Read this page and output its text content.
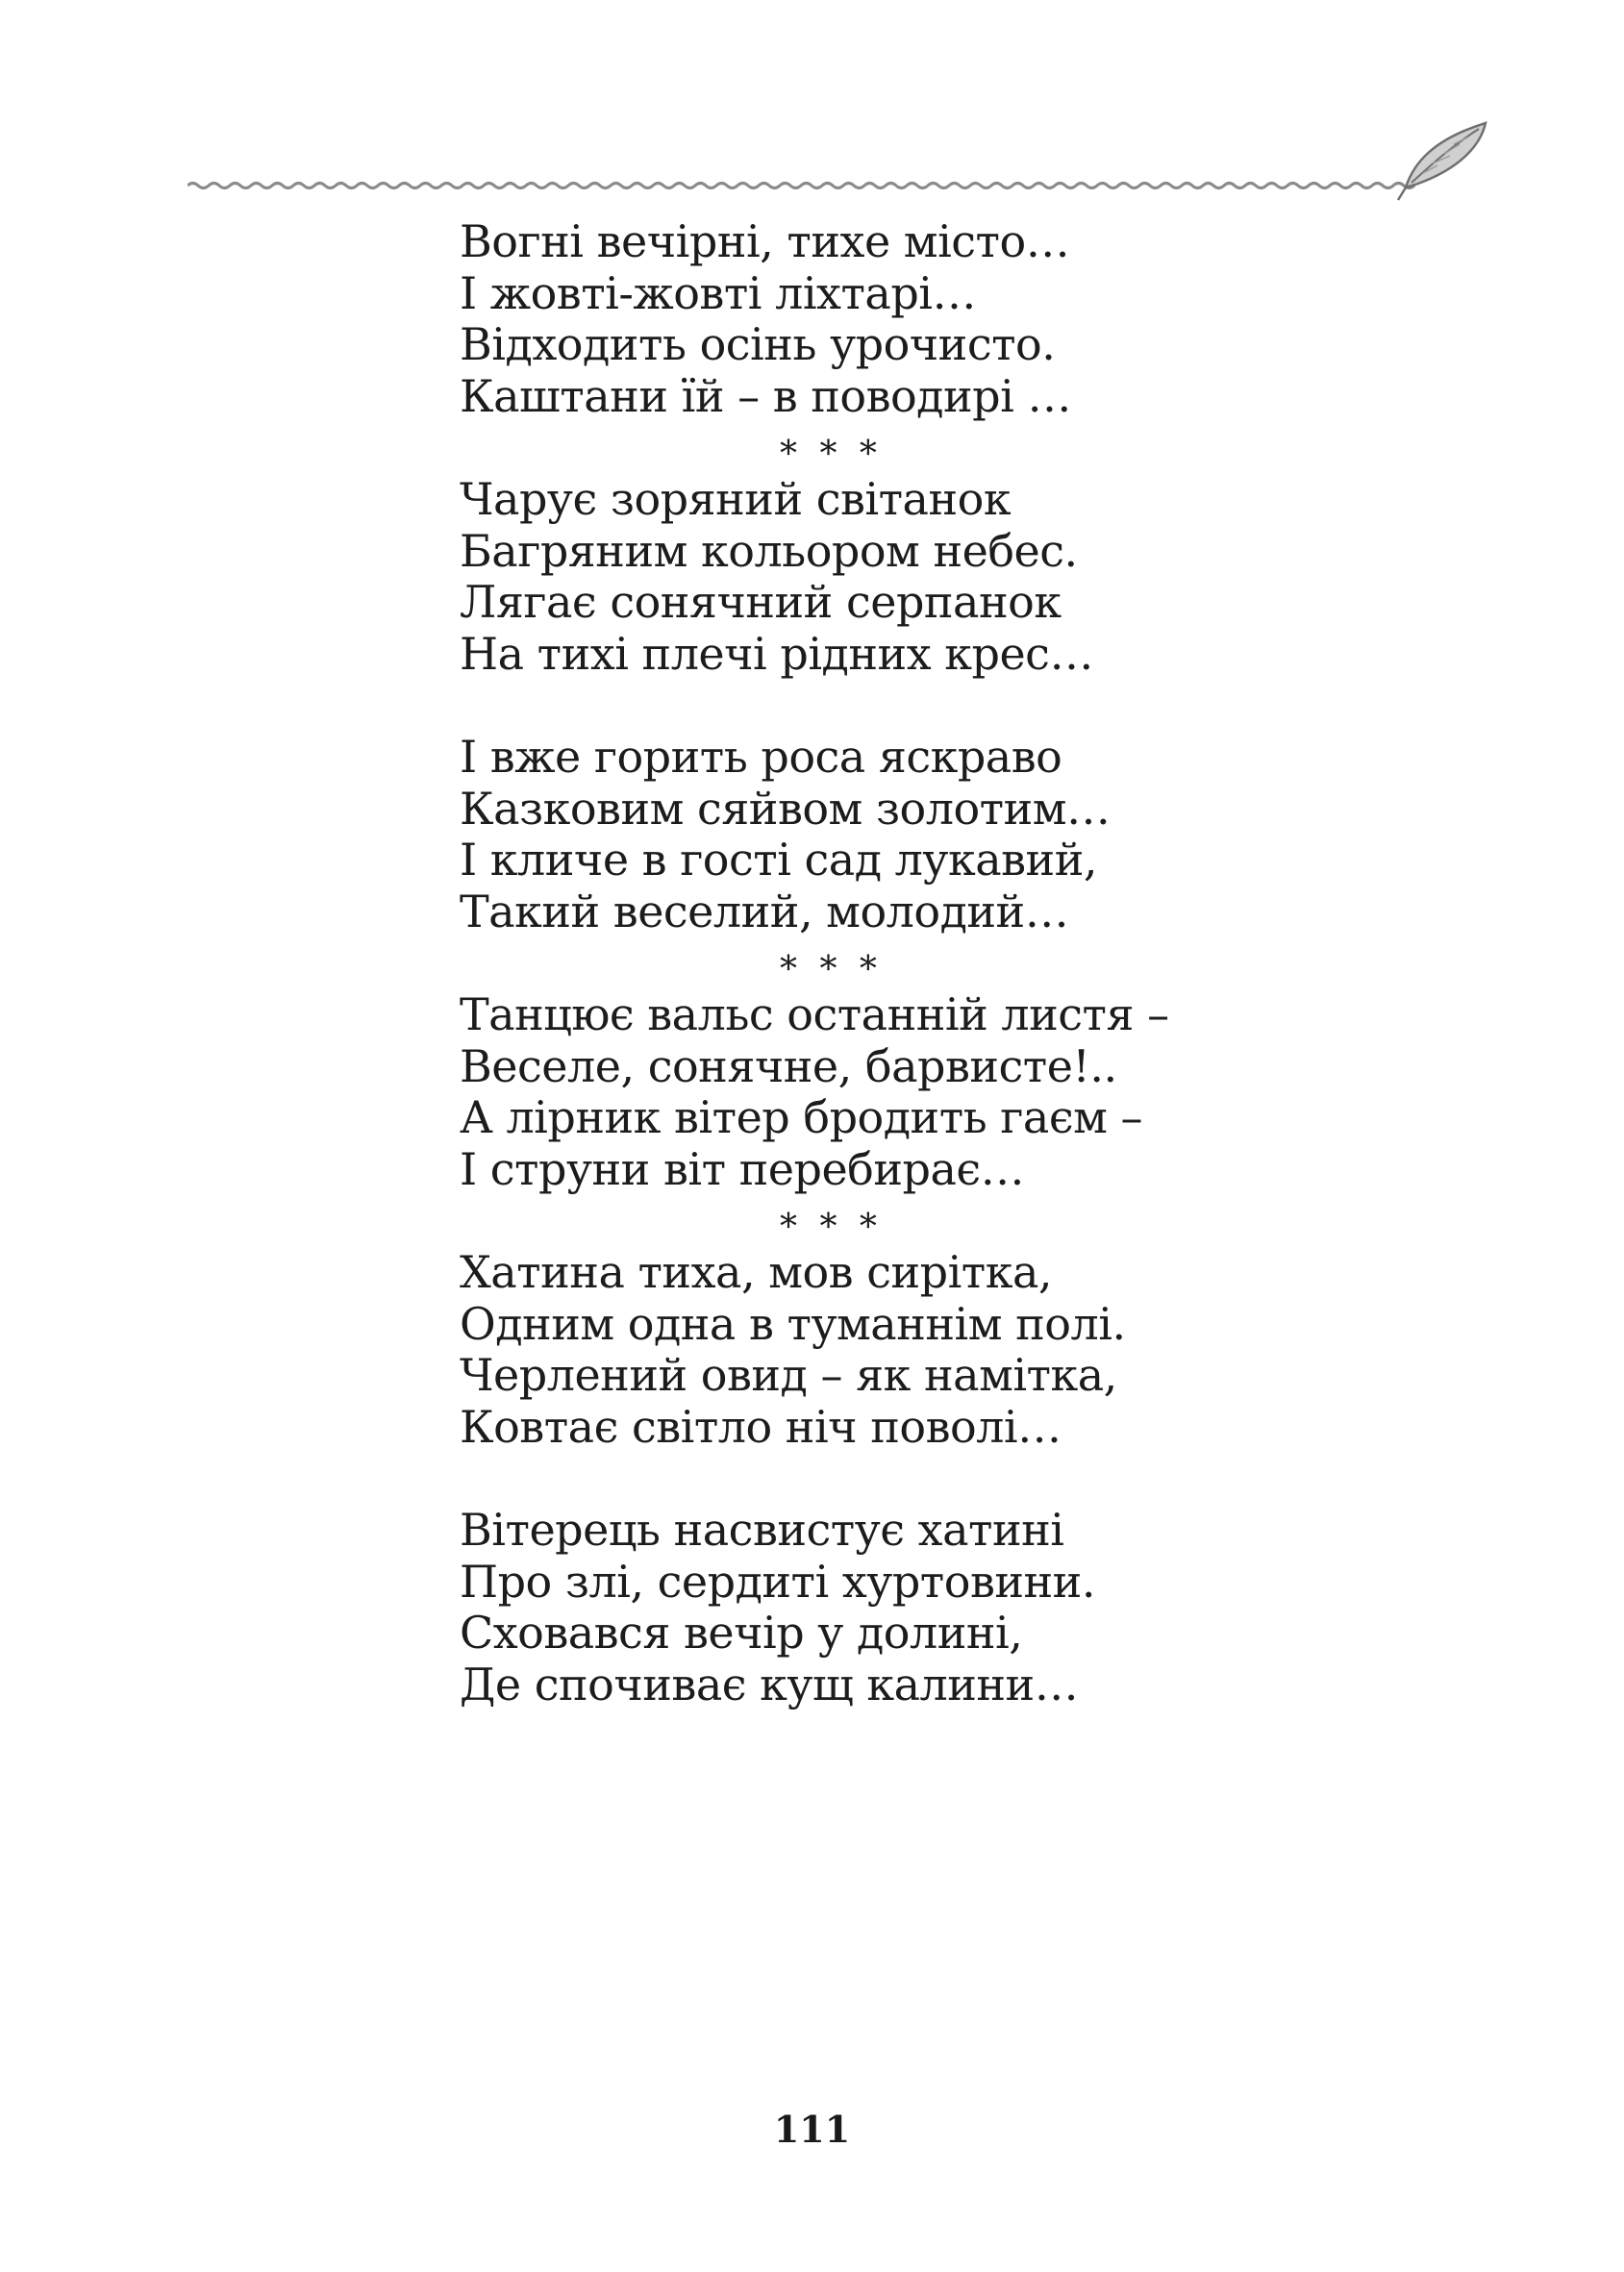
Вогні вечірні, тихе місто…
І жовті-жовті ліхтарі…
Відходить осінь урочисто.
Каштани їй – в поводирі …
* * *
Чарує зоряний світанок
Багряним кольором небес.
Лягає сонячний серпанок
На тихі плечі рідних крес…
І вже горить роса яскраво
Казковим сяйвом золотим…
І кличе в гості сад лукавий,
Такий веселий, молодий…
* * *
Танцює вальс останній листя –
Веселе, сонячне, барвисте!..
А лірник вітер бродить гаєм –
І струни віт перебирає…
* * *
Хатина тиха, мов сирітка,
Одним одна в туманнім полі.
Черлений овид – як намітка,
Ковтає світло ніч поволі…
Вітерець насвистує хатині
Про злі, сердиті хуртовини.
Сховався вечір у долині,
Де спочиває кущ калини…
111
